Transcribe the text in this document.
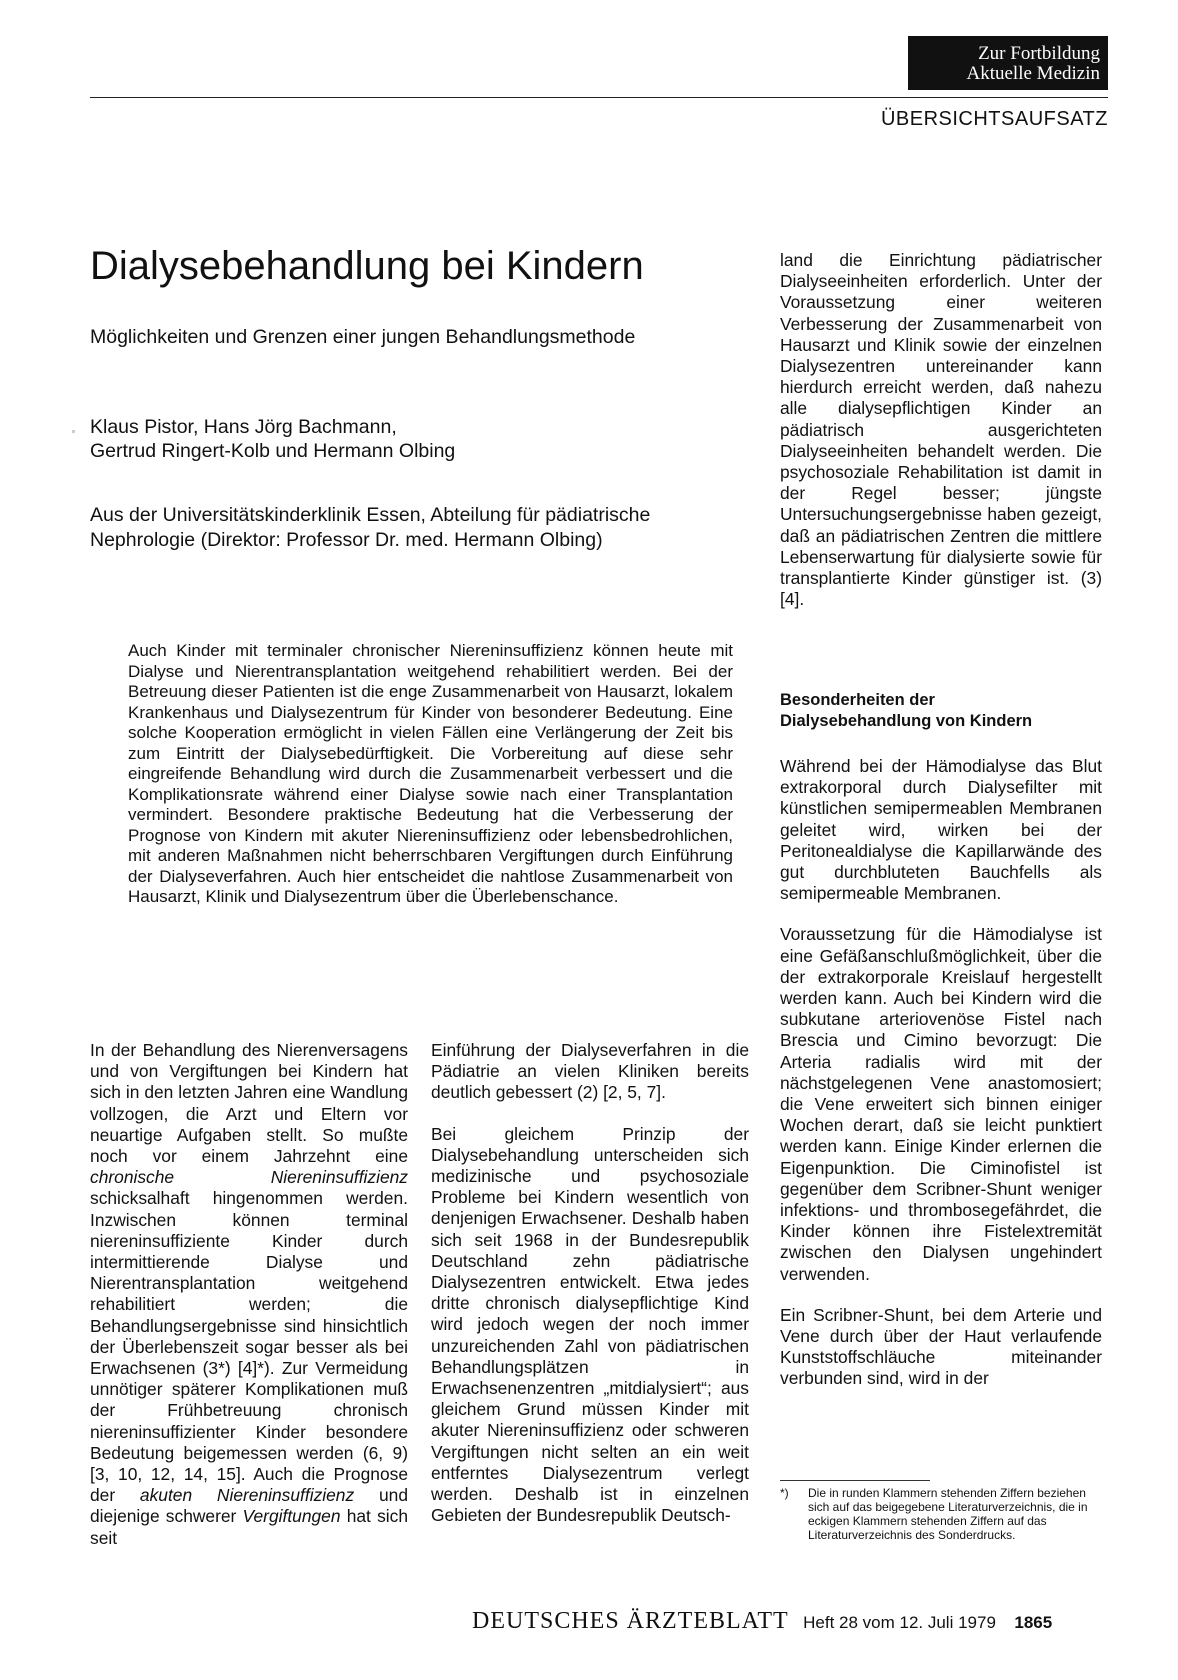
Zur Fortbildung
Aktuelle Medizin
ÜBERSICHTSAUFSATZ
Dialysebehandlung bei Kindern
Möglichkeiten und Grenzen einer jungen Behandlungsmethode
Klaus Pistor, Hans Jörg Bachmann,
Gertrud Ringert-Kolb und Hermann Olbing
Aus der Universitätskinderklinik Essen, Abteilung für pädiatrische
Nephrologie (Direktor: Professor Dr. med. Hermann Olbing)

Auch Kinder mit terminaler chronischer Niereninsuffizienz können heute mit Dialyse und Nierentransplantation weitgehend rehabilitiert werden. Bei der Betreuung dieser Patienten ist die enge Zusammenarbeit von Hausarzt, lokalem Krankenhaus und Dialysezentrum für Kinder von besonderer Bedeutung. Eine solche Kooperation ermöglicht in vielen Fällen eine Verlängerung der Zeit bis zum Eintritt der Dialysebedürftigkeit. Die Vorbereitung auf diese sehr eingreifende Behandlung wird durch die Zusammenarbeit verbessert und die Komplikationsrate während einer Dialyse sowie nach einer Transplantation vermindert. Besondere praktische Bedeutung hat die Verbesserung der Prognose von Kindern mit akuter Niereninsuffizienz oder lebensbedrohlichen, mit anderen Maßnahmen nicht beherrschbaren Vergiftungen durch Einführung der Dialyseverfahren. Auch hier entscheidet die nahtlose Zusammenarbeit von Hausarzt, Klinik und Dialysezentrum über die Überlebenschance.

In der Behandlung des Nierenversagens und von Vergiftungen bei Kindern hat sich in den letzten Jahren eine Wandlung vollzogen, die Arzt und Eltern vor neuartige Aufgaben stellt. So mußte noch vor einem Jahrzehnt eine chronische Niereninsuffizienz schicksalhaft hingenommen werden. Inzwischen können terminal niereninsuffiziente Kinder durch intermittierende Dialyse und Nierentransplantation weitgehend rehabilitiert werden; die Behandlungsergebnisse sind hinsichtlich der Überlebenszeit sogar besser als bei Erwachsenen (3*) [4]*). Zur Vermeidung unnötiger späterer Komplikationen muß der Frühbetreuung chronisch niereninsuffizienter Kinder besondere Bedeutung beigemessen werden (6, 9) [3, 10, 12, 14, 15]. Auch die Prognose der akuten Niereninsuffizienz und diejenige schwerer Vergiftungen hat sich seit

Einführung der Dialyseverfahren in die Pädiatrie an vielen Kliniken bereits deutlich gebessert (2) [2, 5, 7].

Bei gleichem Prinzip der Dialysebehandlung unterscheiden sich medizinische und psychosoziale Probleme bei Kindern wesentlich von denjenigen Erwachsener. Deshalb haben sich seit 1968 in der Bundesrepublik Deutschland zehn pädiatrische Dialysezentren entwickelt. Etwa jedes dritte chronisch dialysepflichtige Kind wird jedoch wegen der noch immer unzureichenden Zahl von pädiatrischen Behandlungsplätzen in Erwachsenenzentren „mitdialysiert“; aus gleichem Grund müssen Kinder mit akuter Niereninsuffizienz oder schweren Vergiftungen nicht selten an ein weit entferntes Dialysezentrum verlegt werden. Deshalb ist in einzelnen Gebieten der Bundesrepublik Deutsch-

land die Einrichtung pädiatrischer Dialyseeinheiten erforderlich. Unter der Voraussetzung einer weiteren Verbesserung der Zusammenarbeit von Hausarzt und Klinik sowie der einzelnen Dialysezentren untereinander kann hierdurch erreicht werden, daß nahezu alle dialysepflichtigen Kinder an pädiatrisch ausgerichteten Dialyseeinheiten behandelt werden. Die psychosoziale Rehabilitation ist damit in der Regel besser; jüngste Untersuchungsergebnisse haben gezeigt, daß an pädiatrischen Zentren die mittlere Lebenserwartung für dialysierte sowie für transplantierte Kinder günstiger ist. (3) [4].

Besonderheiten der
Dialysebehandlung von Kindern

Während bei der Hämodialyse das Blut extrakorporal durch Dialysefilter mit künstlichen semipermeablen Membranen geleitet wird, wirken bei der Peritonealdialyse die Kapillarwände des gut durchbluteten Bauchfells als semipermeable Membranen.

Voraussetzung für die Hämodialyse ist eine Gefäßanschlußmöglichkeit, über die der extrakorporale Kreislauf hergestellt werden kann. Auch bei Kindern wird die subkutane arteriovenöse Fistel nach Brescia und Cimino bevorzugt: Die Arteria radialis wird mit der nächstgelegenen Vene anastomosiert; die Vene erweitert sich binnen einiger Wochen derart, daß sie leicht punktiert werden kann. Einige Kinder erlernen die Eigenpunktion. Die Ciminofistel ist gegenüber dem Scribner-Shunt weniger infektions- und thrombosegefährdet, die Kinder können ihre Fistelextremität zwischen den Dialysen ungehindert verwenden.

Ein Scribner-Shunt, bei dem Arterie und Vene durch über der Haut verlaufende Kunststoffschläuche miteinander verbunden sind, wird in der

*) Die in runden Klammern stehenden Ziffern beziehen sich auf das beigegebene Literaturverzeichnis, die in eckigen Klammern stehenden Ziffern auf das Literaturverzeichnis des Sonderdrucks.
DEUTSCHES ÄRZTEBLATT Heft 28 vom 12. Juli 1979 1865
